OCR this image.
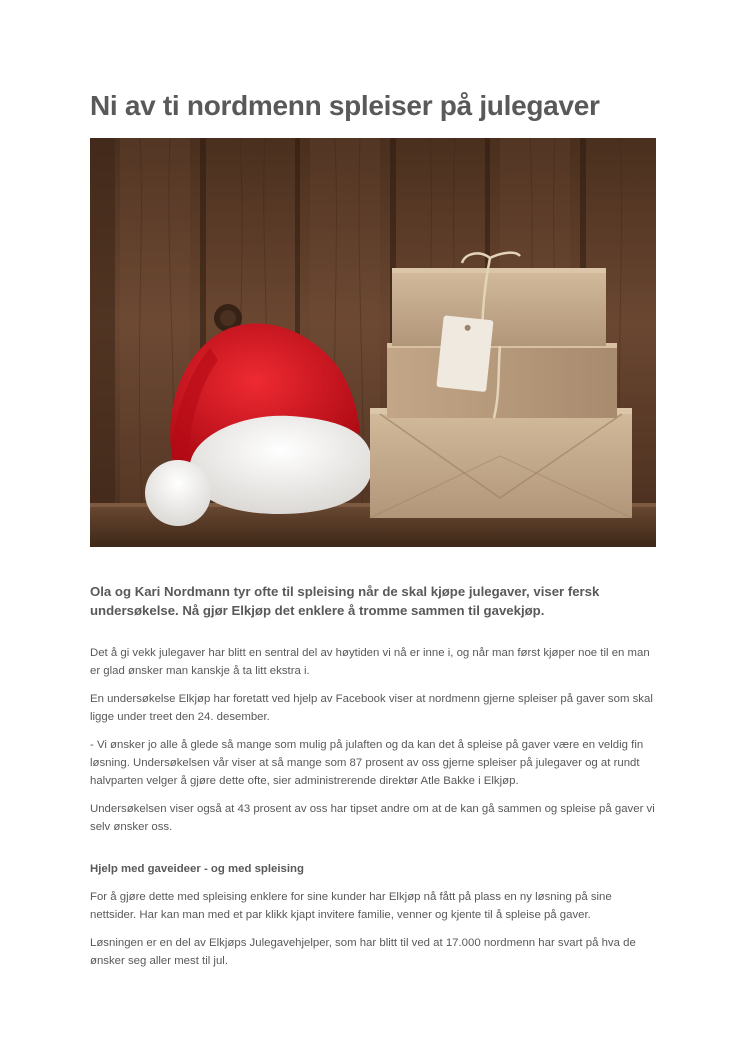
Ni av ti nordmenn spleiser på julegaver

Ola og Kari Nordmann tyr ofte til spleising når de skal kjøpe julegaver, viser fersk undersøkelse. Nå gjør Elkjøp det enklere å tromme sammen til gavekjøp.

Det å gi vekk julegaver har blitt en sentral del av høytiden vi nå er inne i, og når man først kjøper noe til en man er glad ønsker man kanskje å ta litt ekstra i.

En undersøkelse Elkjøp har foretatt ved hjelp av Facebook viser at nordmenn gjerne spleiser på gaver som skal ligge under treet den 24. desember.

- Vi ønsker jo alle å glede så mange som mulig på julaften og da kan det å spleise på gaver være en veldig fin løsning. Undersøkelsen vår viser at så mange som 87 prosent av oss gjerne spleiser på julegaver og at rundt halvparten velger å gjøre dette ofte, sier administrerende direktør Atle Bakke i Elkjøp.

Undersøkelsen viser også at 43 prosent av oss har tipset andre om at de kan gå sammen og spleise på gaver vi selv ønsker oss.

Hjelp med gaveideer - og med spleising

For å gjøre dette med spleising enklere for sine kunder har Elkjøp nå fått på plass en ny løsning på sine nettsider. Har kan man med et par klikk kjapt invitere familie, venner og kjente til å spleise på gaver.

Løsningen er en del av Elkjøps Julegavehjelper, som har blitt til ved at 17.000 nordmenn har svart på hva de ønsker seg aller mest til jul.
